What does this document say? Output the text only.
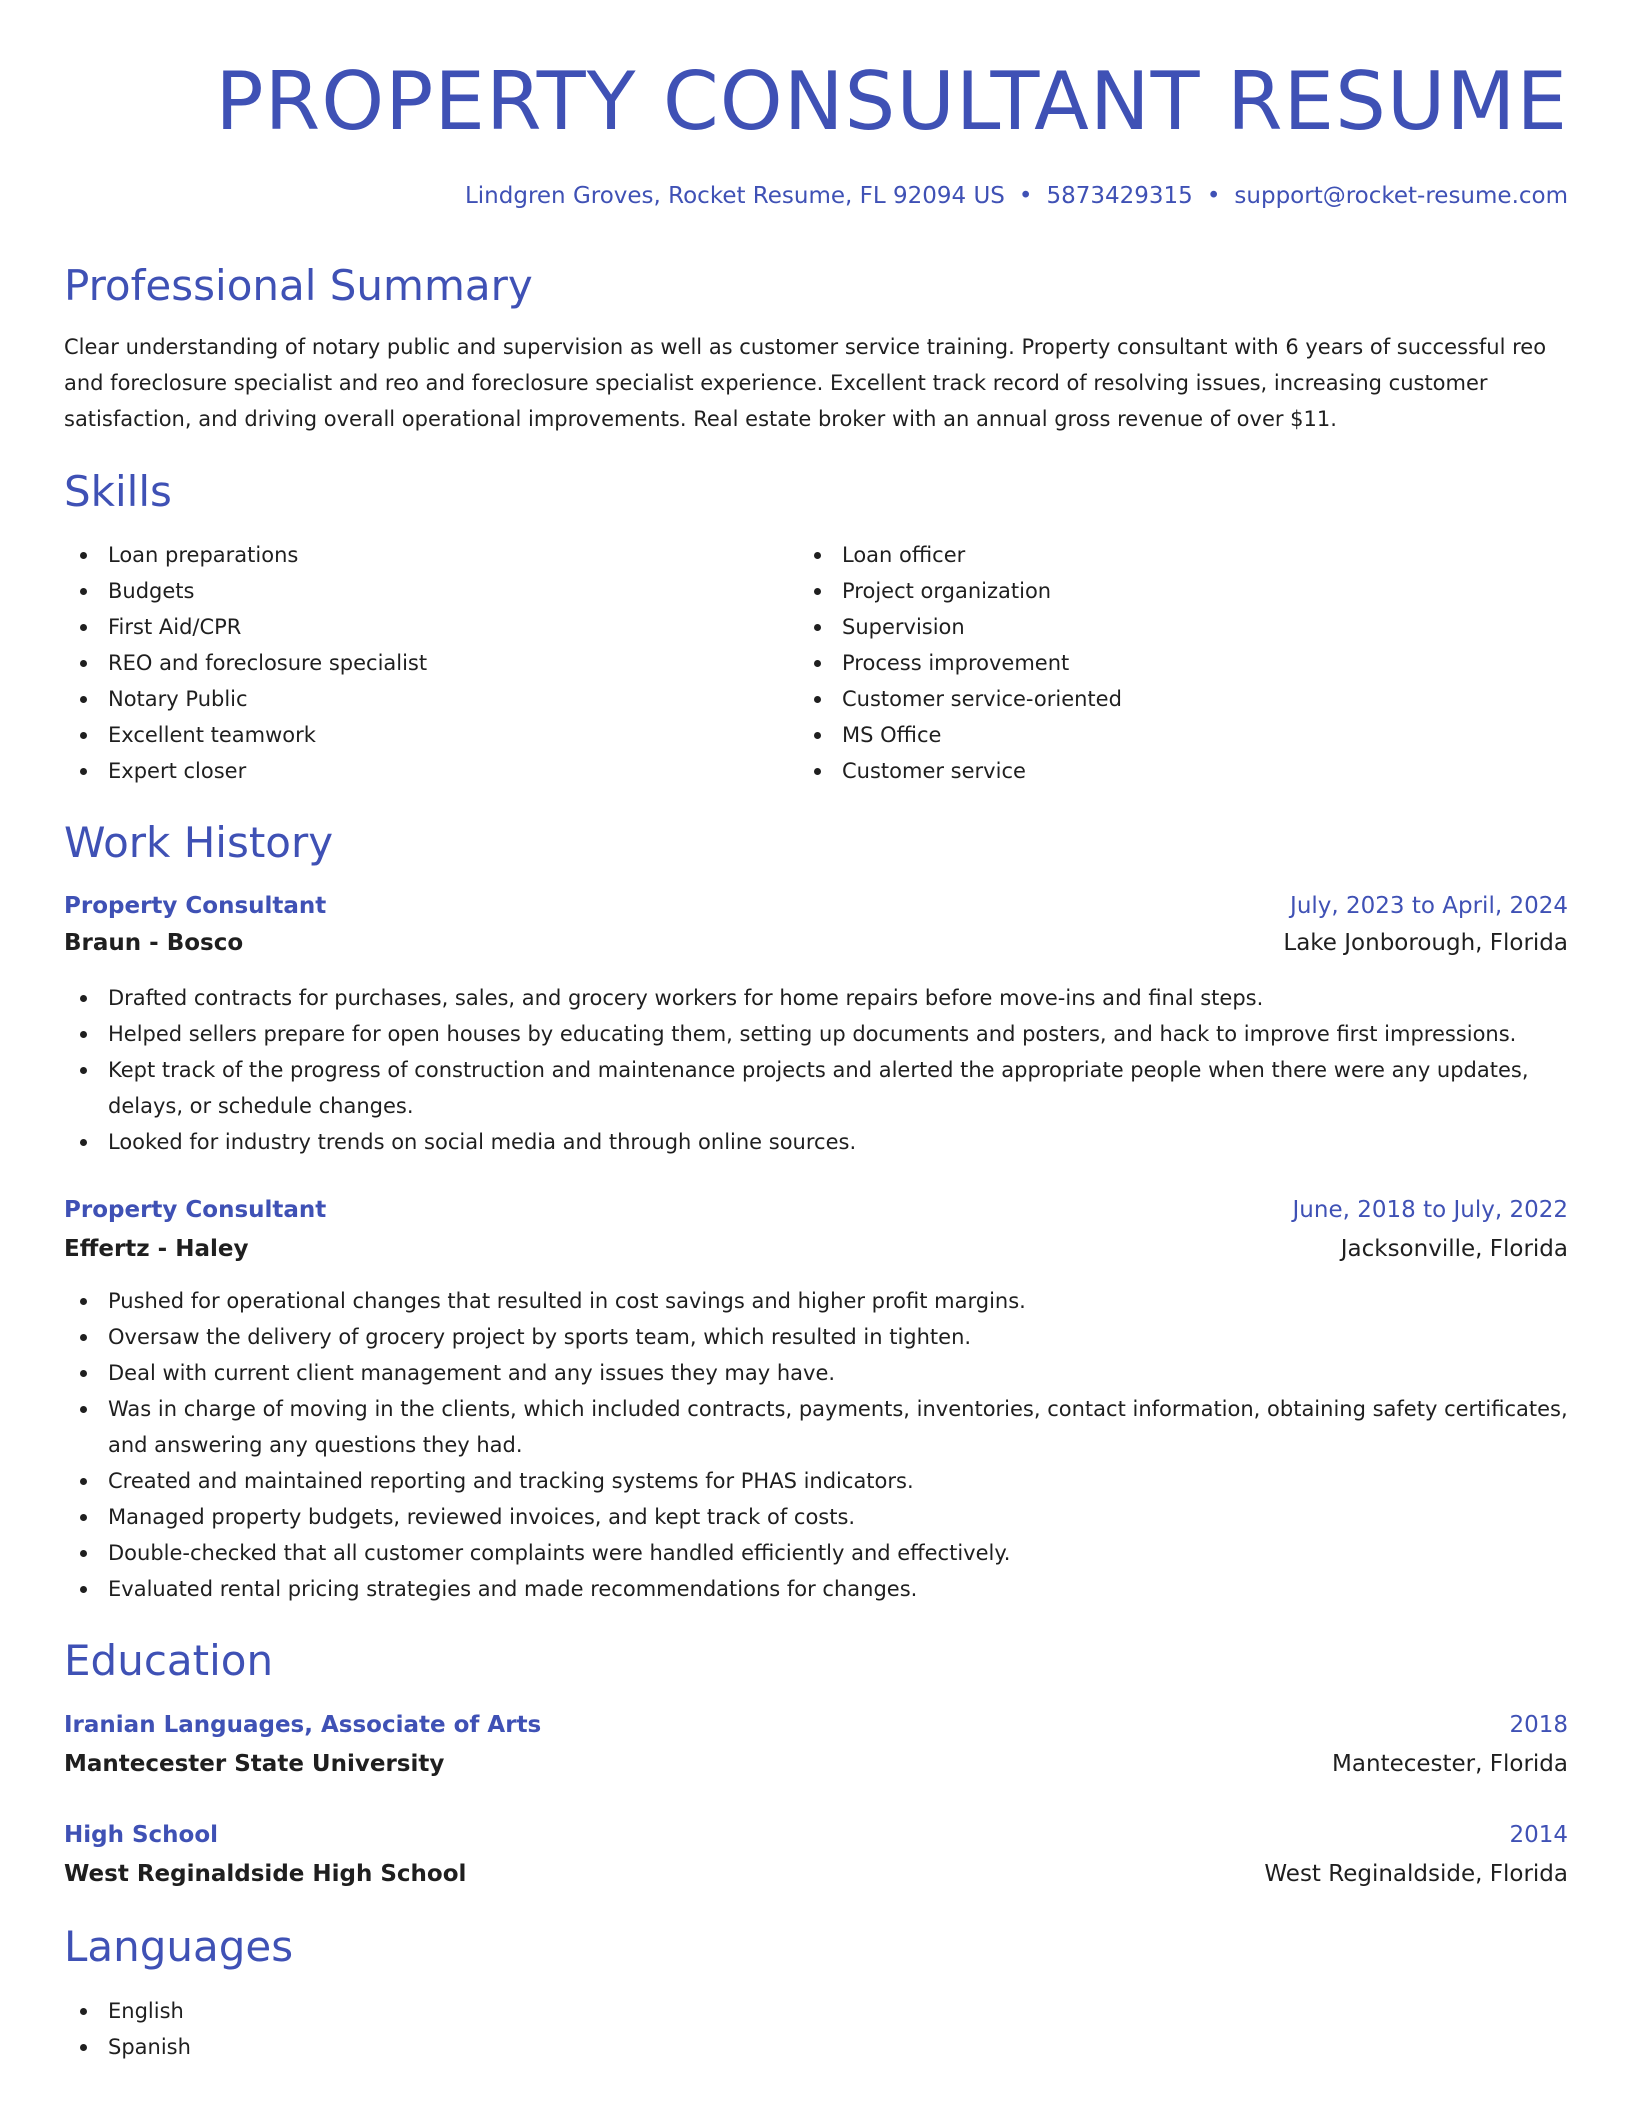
PROPERTY CONSULTANT RESUME
Lindgren Groves, Rocket Resume, FL 92094 US • 5873429315 • support@rocket-resume.com
Professional Summary

Clear understanding of notary public and supervision as well as customer service training. Property consultant with 6 years of successful reo and foreclosure specialist and reo and foreclosure specialist experience. Excellent track record of resolving issues, increasing customer satisfaction, and driving overall operational improvements. Real estate broker with an annual gross revenue of over $11.

Skills
Loan preparations
Budgets
First Aid/CPR
REO and foreclosure specialist
Notary Public
Excellent teamwork
Expert closer
Loan officer
Project organization
Supervision
Process improvement
Customer service-oriented
MS Office
Customer service
Work History
Property Consultant	July, 2023 to April, 2024
Braun - Bosco	Lake Jonborough, Florida
Drafted contracts for purchases, sales, and grocery workers for home repairs before move-ins and final steps.
Helped sellers prepare for open houses by educating them, setting up documents and posters, and hack to improve first impressions.
Kept track of the progress of construction and maintenance projects and alerted the appropriate people when there were any updates, delays, or schedule changes.
Looked for industry trends on social media and through online sources.
Property Consultant	June, 2018 to July, 2022
Effertz - Haley	Jacksonville, Florida
Pushed for operational changes that resulted in cost savings and higher profit margins.
Oversaw the delivery of grocery project by sports team, which resulted in tighten.
Deal with current client management and any issues they may have.
Was in charge of moving in the clients, which included contracts, payments, inventories, contact information, obtaining safety certificates, and answering any questions they had.
Created and maintained reporting and tracking systems for PHAS indicators.
Managed property budgets, reviewed invoices, and kept track of costs.
Double-checked that all customer complaints were handled efficiently and effectively.
Evaluated rental pricing strategies and made recommendations for changes.
Education
Iranian Languages, Associate of Arts	2018
Mantecester State University	Mantecester, Florida
High School	2014
West Reginaldside High School	West Reginaldside, Florida
Languages
English
Spanish
